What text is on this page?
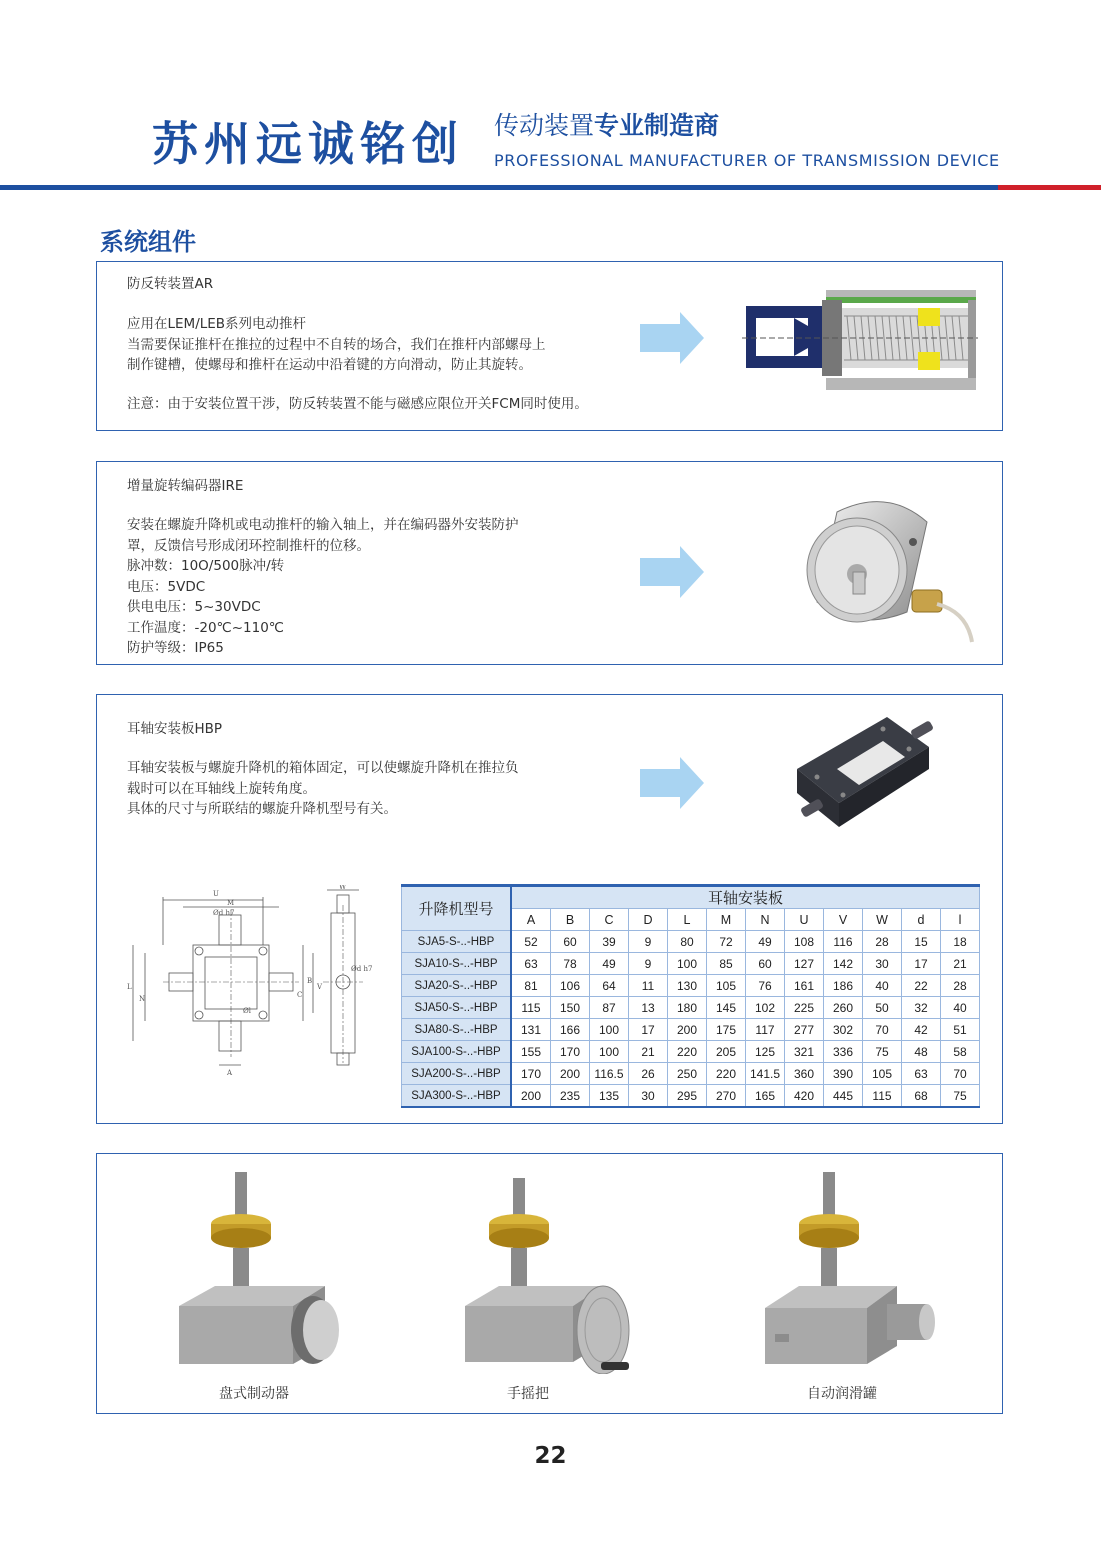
苏州远诚铭创 传动装置专业制造商
PROFESSIONAL MANUFACTURER OF TRANSMISSION DEVICE
系统组件
防反转装置AR
应用在LEM/LEB系列电动推杆
当需要保证推杆在推拉的过程中不自转的场合，我们在推杆内部螺母上
制作键槽，使螺母和推杆在运动中沿着键的方向滑动，防止其旋转。
注意：由于安装位置干涉，防反转装置不能与磁感应限位开关FCM同时使用。
增量旋转编码器IRE
安装在螺旋升降机或电动推杆的输入轴上，并在编码器外安装防护
罩，反馈信号形成闭环控制推杆的位移。
脉冲数：10O/500脉冲/转
电压：5VDC
供电电压：5~30VDC
工作温度：-20℃~110℃
防护等级：IP65
耳轴安装板HBP
耳轴安装板与螺旋升降机的箱体固定，可以使螺旋升降机在推拉负
载时可以在耳轴线上旋转角度。
具体的尺寸与所联结的螺旋升降机型号有关。
U
M
Ød h7
W
L
N	C
B
V
A
Øl
Ød h7
升降机型号	耳轴安装板											
	A	B	C	D	L	M	N	U	V	W	d	l
SJA5-S-..-HBP	52	60	39	9	80	72	49	108	116	28	15	18
SJA10-S-..-HBP	63	78	49	9	100	85	60	127	142	30	17	21
SJA20-S-..-HBP	81	106	64	11	130	105	76	161	186	40	22	28
SJA50-S-..-HBP	115	150	87	13	180	145	102	225	260	50	32	40
SJA80-S-..-HBP	131	166	100	17	200	175	117	277	302	70	42	51
SJA100-S-..-HBP	155	170	100	21	220	205	125	321	336	75	48	58
SJA200-S-..-HBP	170	200	116.5	26	250	220	141.5	360	390	105	63	70
SJA300-S-..-HBP	200	235	135	30	295	270	165	420	445	115	68	75
盘式制动器	手摇把	自动润滑罐
22
